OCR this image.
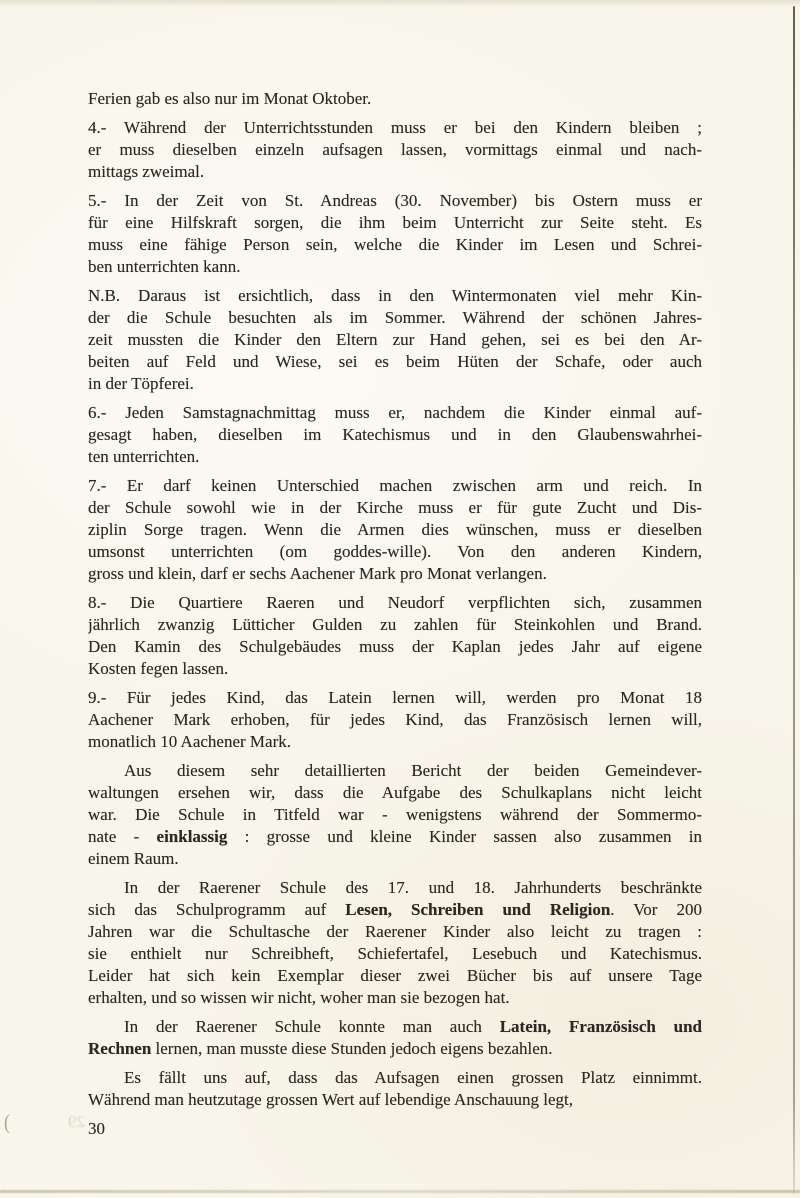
Ferien gab es also nur im Monat Oktober.
4.- Während der Unterrichtsstunden muss er bei den Kindern bleiben ;
er muss dieselben einzeln aufsagen lassen, vormittags einmal und nach-
mittags zweimal.
5.- In der Zeit von St. Andreas (30. November) bis Ostern muss er
für eine Hilfskraft sorgen, die ihm beim Unterricht zur Seite steht. Es
muss eine fähige Person sein, welche die Kinder im Lesen und Schrei-
ben unterrichten kann.
N.B. Daraus ist ersichtlich, dass in den Wintermonaten viel mehr Kin-
der die Schule besuchten als im Sommer. Während der schönen Jahres-
zeit mussten die Kinder den Eltern zur Hand gehen, sei es bei den Ar-
beiten auf Feld und Wiese, sei es beim Hüten der Schafe, oder auch
in der Töpferei.
6.- Jeden Samstagnachmittag muss er, nachdem die Kinder einmal auf-
gesagt haben, dieselben im Katechismus und in den Glaubenswahrhei-
ten unterrichten.
7.- Er darf keinen Unterschied machen zwischen arm und reich. In
der Schule sowohl wie in der Kirche muss er für gute Zucht und Dis-
ziplin Sorge tragen. Wenn die Armen dies wünschen, muss er dieselben
umsonst unterrichten (om goddes-wille). Von den anderen Kindern,
gross und klein, darf er sechs Aachener Mark pro Monat verlangen.
8.- Die Quartiere Raeren und Neudorf verpflichten sich, zusammen
jährlich zwanzig Lütticher Gulden zu zahlen für Steinkohlen und Brand.
Den Kamin des Schulgebäudes muss der Kaplan jedes Jahr auf eigene
Kosten fegen lassen.
9.- Für jedes Kind, das Latein lernen will, werden pro Monat 18
Aachener Mark erhoben, für jedes Kind, das Französisch lernen will,
monatlich 10 Aachener Mark.
Aus diesem sehr detaillierten Bericht der beiden Gemeindever-
waltungen ersehen wir, dass die Aufgabe des Schulkaplans nicht leicht
war. Die Schule in Titfeld war - wenigstens während der Sommermo-
nate - einklassig : grosse und kleine Kinder sassen also zusammen in
einem Raum.
In der Raerener Schule des 17. und 18. Jahrhunderts beschränkte
sich das Schulprogramm auf Lesen, Schreiben und Religion. Vor 200
Jahren war die Schultasche der Raerener Kinder also leicht zu tragen :
sie enthielt nur Schreibheft, Schiefertafel, Lesebuch und Katechismus.
Leider hat sich kein Exemplar dieser zwei Bücher bis auf unsere Tage
erhalten, und so wissen wir nicht, woher man sie bezogen hat.
In der Raerener Schule konnte man auch Latein, Französisch und
Rechnen lernen, man musste diese Stunden jedoch eigens bezahlen.
Es fällt uns auf, dass das Aufsagen einen grossen Platz einnimmt.
Während man heutzutage grossen Wert auf lebendige Anschauung legt,
30
(	29
